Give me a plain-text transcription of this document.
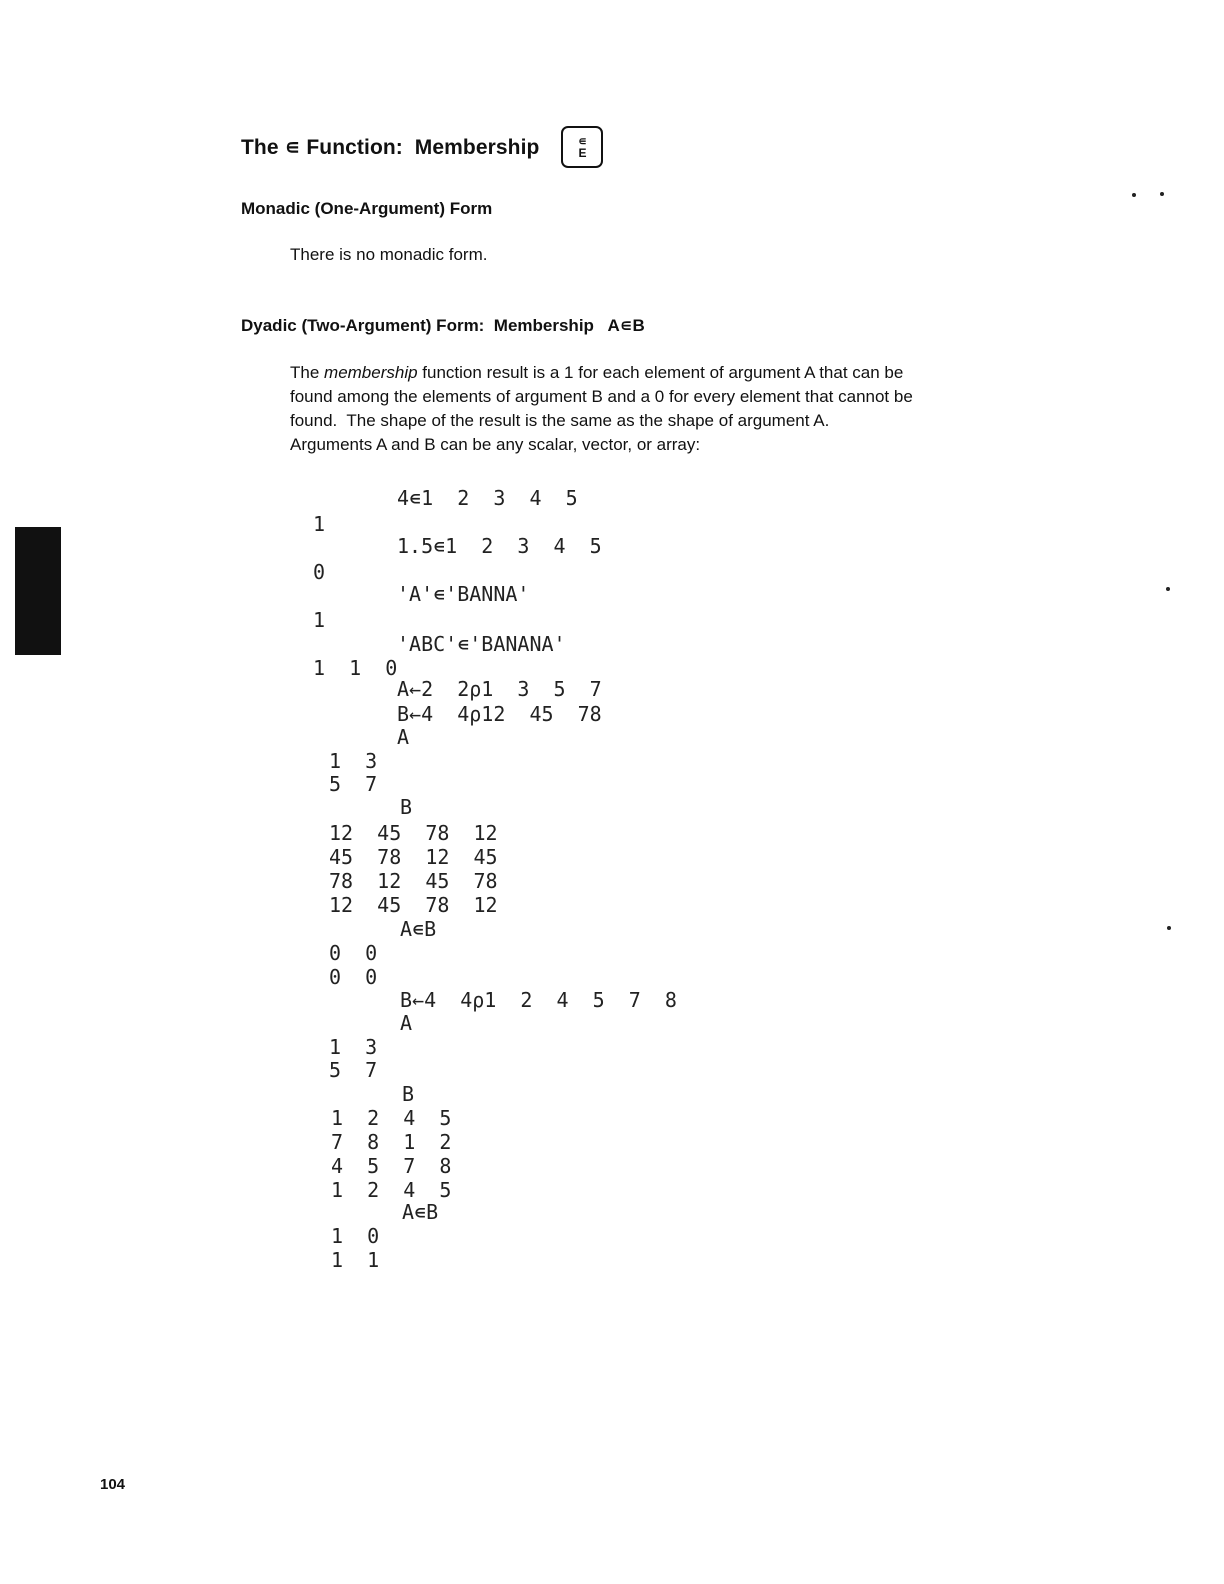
The ∊ Function:  Membership	∊
E
Monadic (One-Argument) Form
There is no monadic form.
Dyadic (Two-Argument) Form:  Membership   A∊B
The membership function result is a 1 for each element of argument A that can be
found among the elements of argument B and a 0 for every element that cannot be
found.  The shape of the result is the same as the shape of argument A.
Arguments A and B can be any scalar, vector, or array:
4∊1  2  3  4  5
1
1.5∊1  2  3  4  5
0
'A'∊'BANNA'
1
'ABC'∊'BANANA'
1  1  0
A←2  2ρ1  3  5  7
B←4  4ρ12  45  78
A
1  3
5  7
B
12  45  78  12
45  78  12  45
78  12  45  78
12  45  78  12
A∊B
0  0
0  0
B←4  4ρ1  2  4  5  7  8
A
1  3
5  7
B
1  2  4  5
7  8  1  2
4  5  7  8
1  2  4  5
A∊B
1  0
1  1
104
